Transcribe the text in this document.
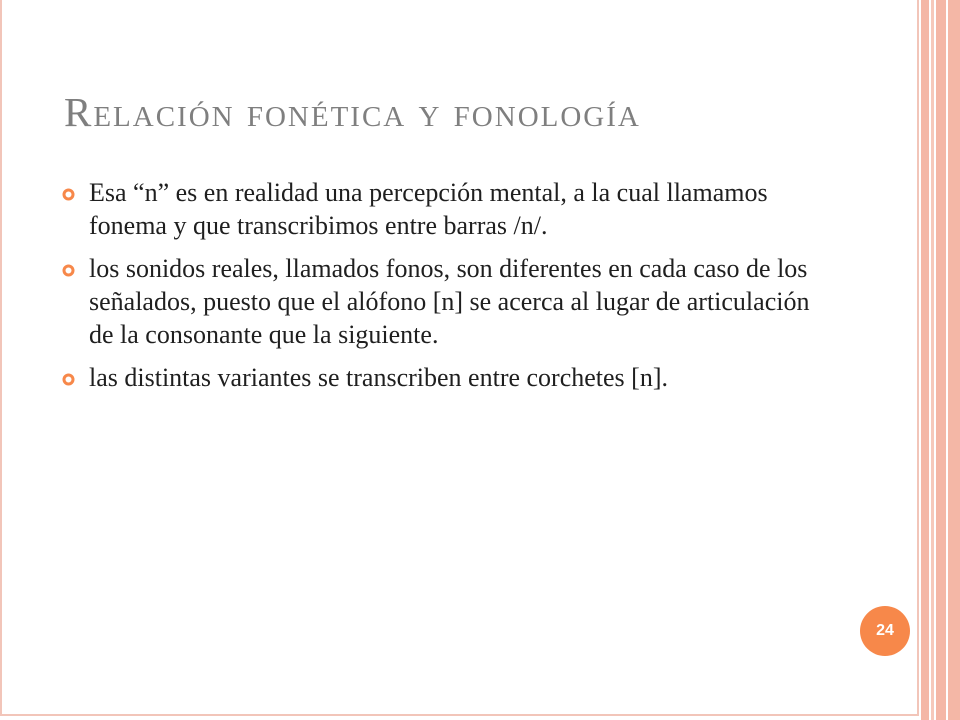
Relación fonética y fonología
Esa “n” es en realidad una percepción mental, a la cual llamamos fonema y que transcribimos entre barras /n/.
los sonidos reales, llamados fonos, son diferentes en cada caso de los señalados, puesto que el alófono [n] se acerca al lugar de articulación de la consonante que la siguiente.
las distintas variantes se transcriben entre corchetes [n].
24
